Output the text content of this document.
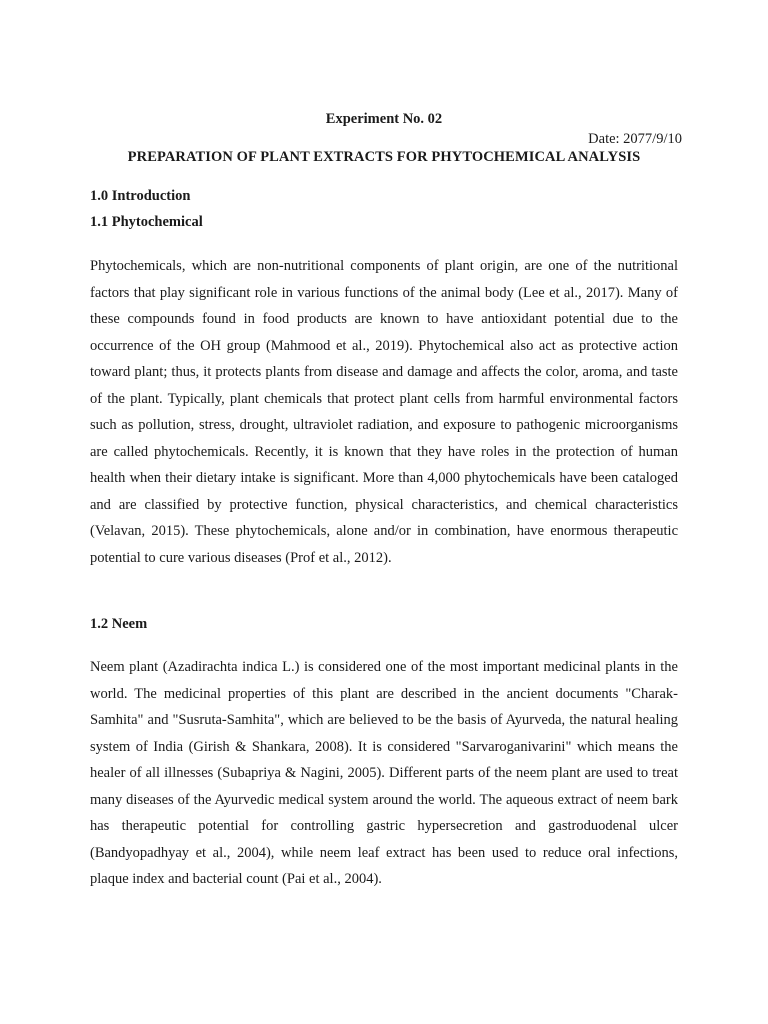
Experiment No. 02

Date: 2077/9/10

PREPARATION OF PLANT EXTRACTS FOR PHYTOCHEMICAL ANALYSIS

1.0 Introduction

1.1 Phytochemical

Phytochemicals, which are non-nutritional components of plant origin, are one of the nutritional factors that play significant role in various functions of the animal body (Lee et al., 2017). Many of these compounds found in food products are known to have antioxidant potential due to the occurrence of the OH group (Mahmood et al., 2019). Phytochemical also act as protective action toward plant; thus, it protects plants from disease and damage and affects the color, aroma, and taste of the plant. Typically, plant chemicals that protect plant cells from harmful environmental factors such as pollution, stress, drought, ultraviolet radiation, and exposure to pathogenic microorganisms are called phytochemicals. Recently, it is known that they have roles in the protection of human health when their dietary intake is significant. More than 4,000 phytochemicals have been cataloged and are classified by protective function, physical characteristics, and chemical characteristics (Velavan, 2015). These phytochemicals, alone and/or in combination, have enormous therapeutic potential to cure various diseases (Prof et al., 2012).

1.2 Neem

Neem plant (Azadirachta indica L.) is considered one of the most important medicinal plants in the world. The medicinal properties of this plant are described in the ancient documents "Charak-Samhita" and "Susruta-Samhita", which are believed to be the basis of Ayurveda, the natural healing system of India (Girish & Shankara, 2008). It is considered "Sarvaroganivarini" which means the healer of all illnesses (Subapriya & Nagini, 2005). Different parts of the neem plant are used to treat many diseases of the Ayurvedic medical system around the world. The aqueous extract of neem bark has therapeutic potential for controlling gastric hypersecretion and gastroduodenal ulcer (Bandyopadhyay et al., 2004), while neem leaf extract has been used to reduce oral infections, plaque index and bacterial count (Pai et al., 2004).
